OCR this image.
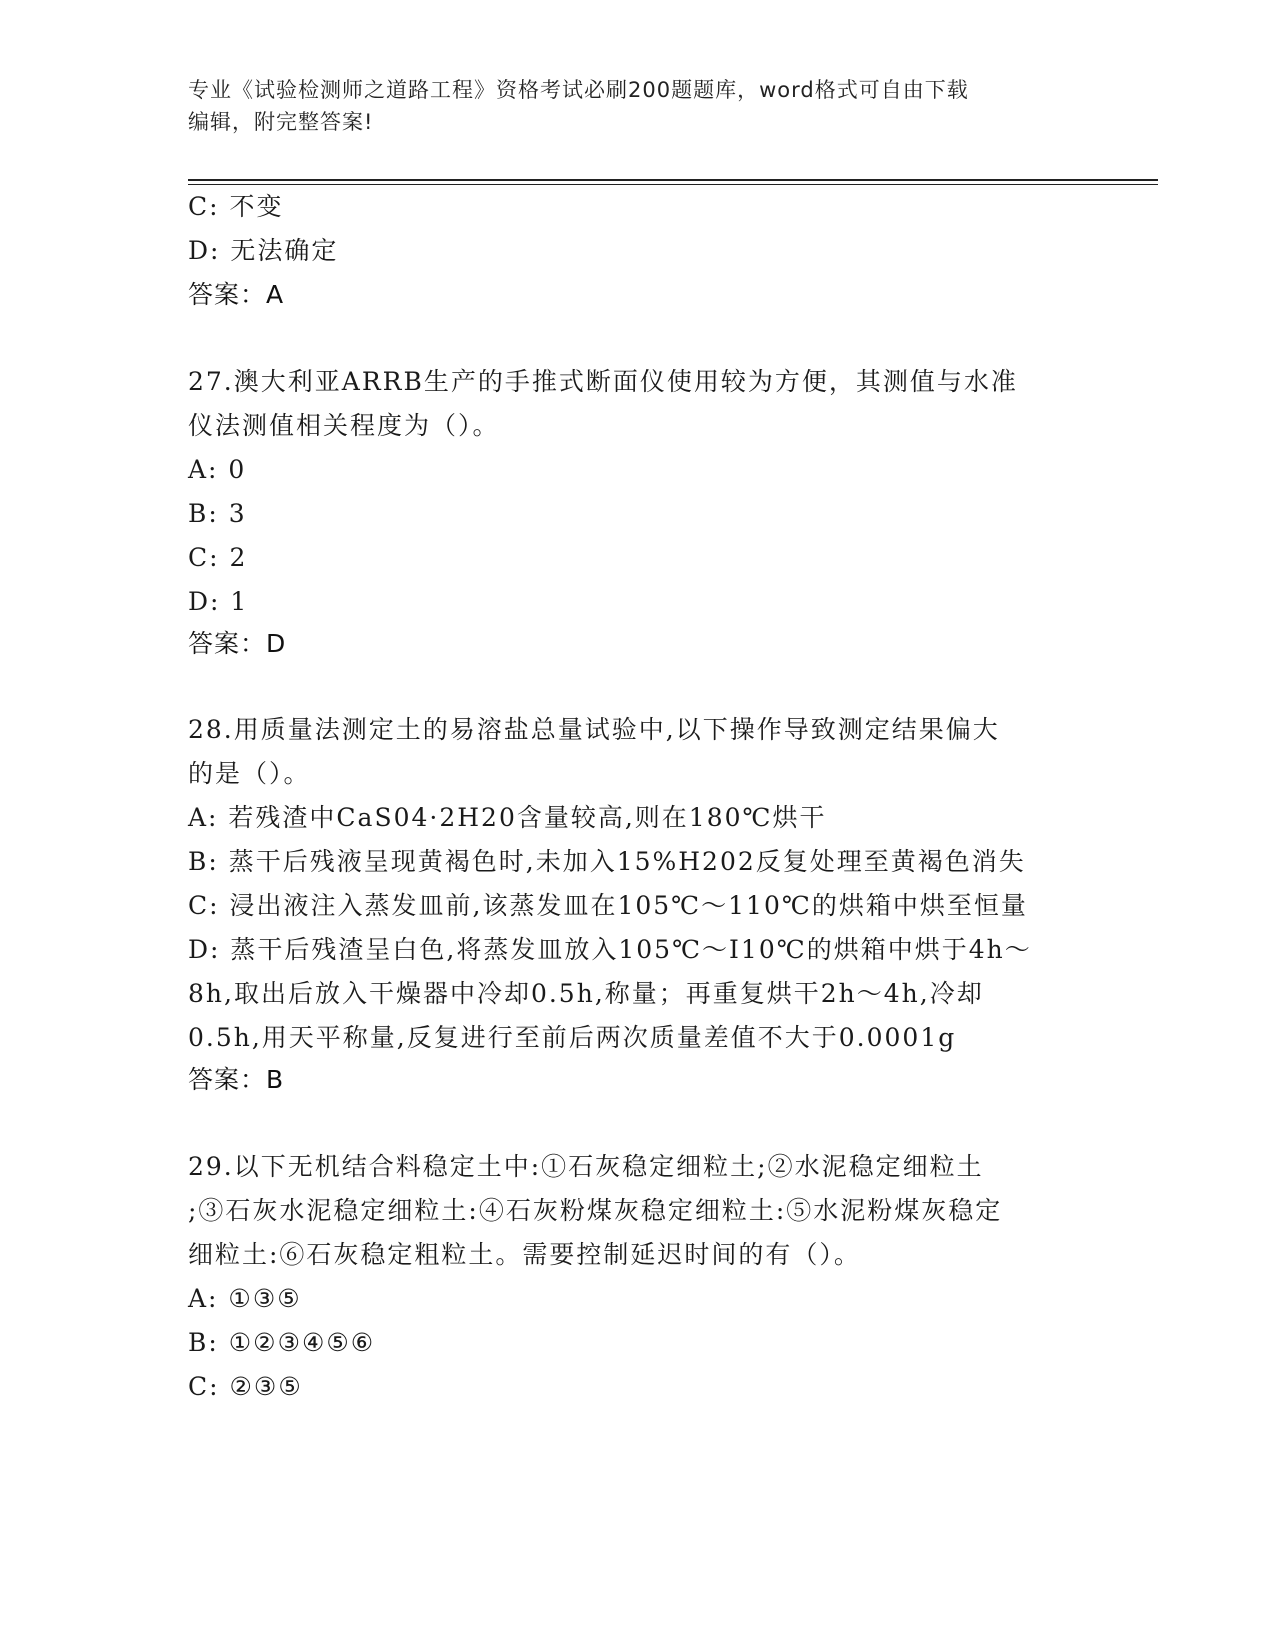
专业《试验检测师之道路工程》资格考试必刷200题题库，word格式可自由下载
编辑，附完整答案!
C: 不变
D: 无法确定
答案：A
27.澳大利亚ARRB生产的手推式断面仪使用较为方便，其测值与水准
仪法测值相关程度为（）。
A: 0
B: 3
C: 2
D: 1
答案：D
28.用质量法测定土的易溶盐总量试验中,以下操作导致测定结果偏大
的是（）。
A: 若残渣中CaS04·2H20含量较高,则在180℃烘干
B: 蒸干后残液呈现黄褐色时,未加入15%H202反复处理至黄褐色消失
C: 浸出液注入蒸发皿前,该蒸发皿在105℃～110℃的烘箱中烘至恒量
D: 蒸干后残渣呈白色,将蒸发皿放入105℃～I10℃的烘箱中烘于4h～
8h,取出后放入干燥器中冷却0.5h,称量；再重复烘干2h～4h,冷却
0.5h,用天平称量,反复进行至前后两次质量差值不大于0.0001g
答案：B
29.以下无机结合料稳定土中:①石灰稳定细粒土;②水泥稳定细粒土
;③石灰水泥稳定细粒土:④石灰粉煤灰稳定细粒土:⑤水泥粉煤灰稳定
细粒土:⑥石灰稳定粗粒土。需要控制延迟时间的有（）。
A: ①③⑤
B: ①②③④⑤⑥
C: ②③⑤
